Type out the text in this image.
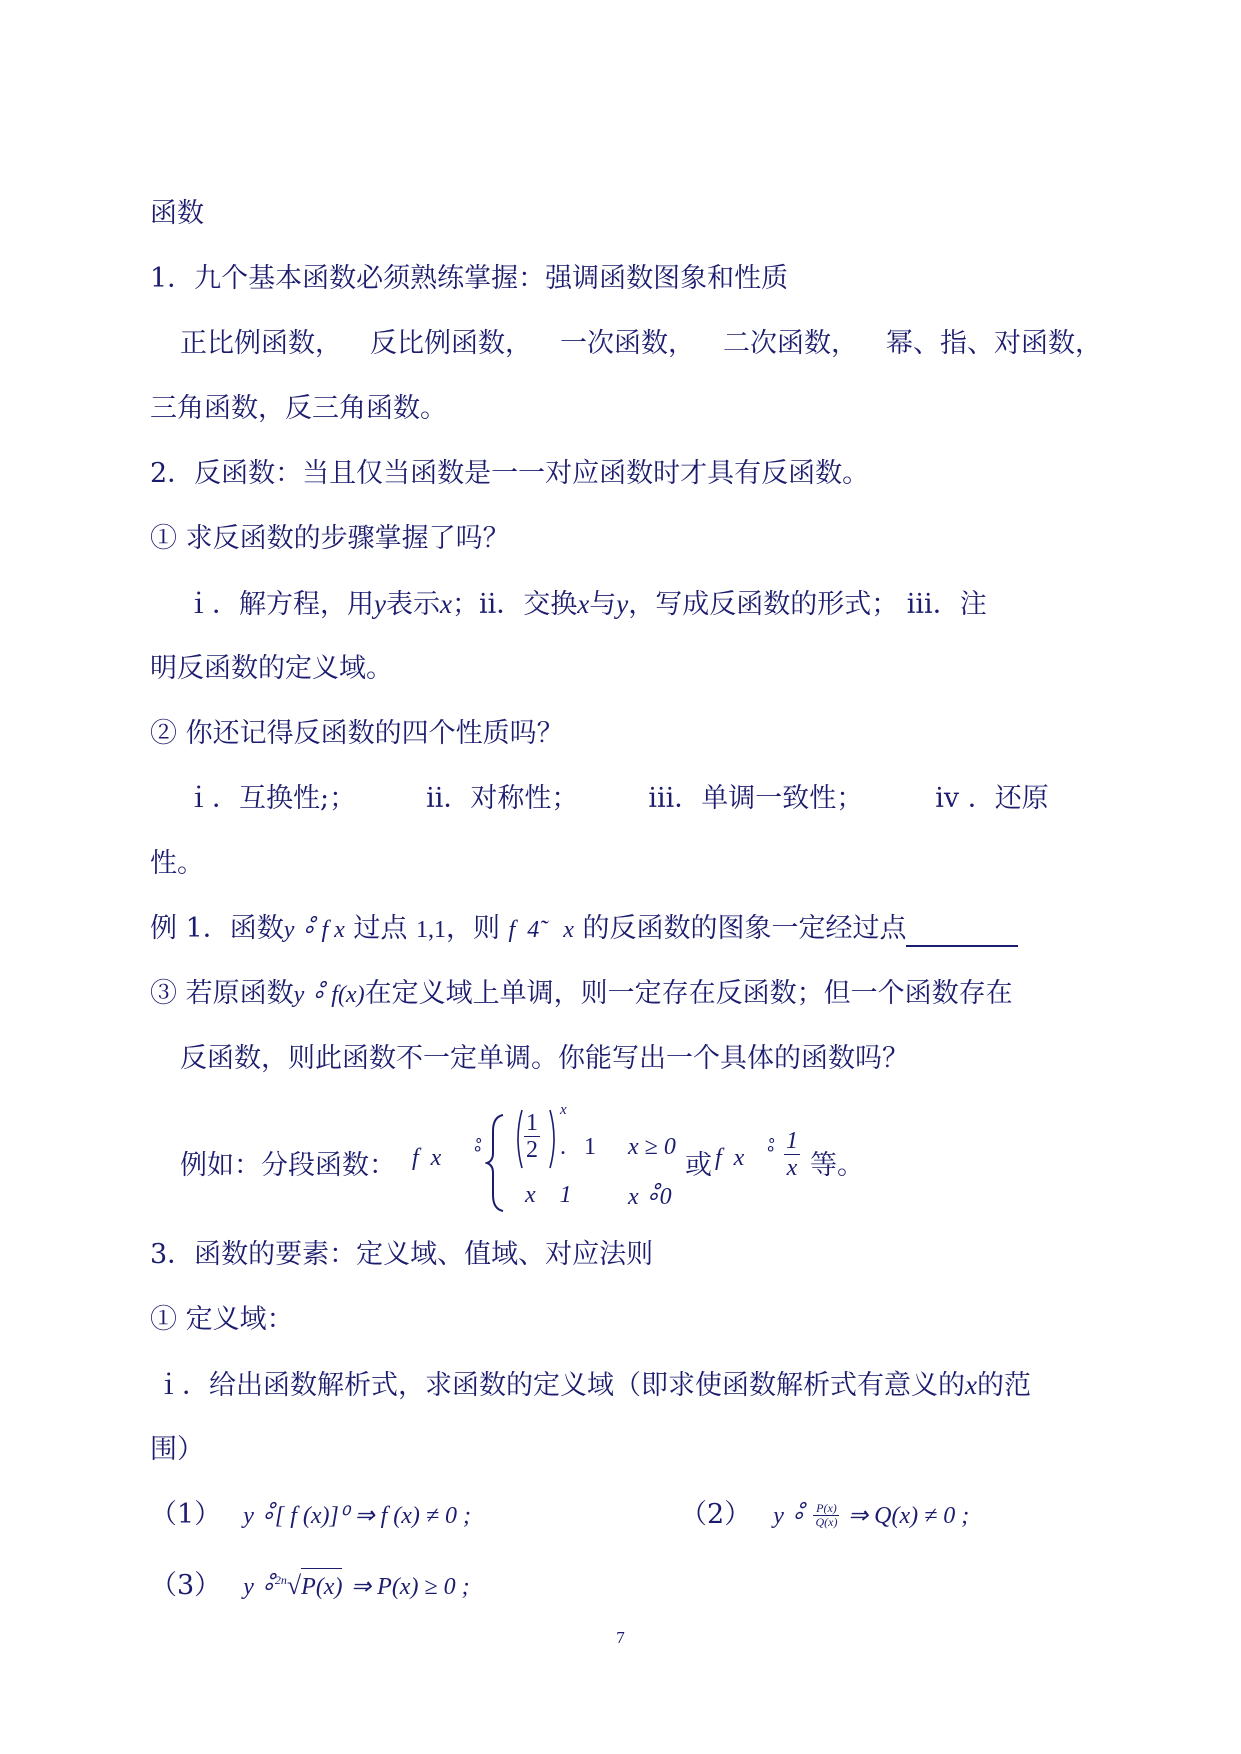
函数
1．九个基本函数必须熟练掌握：强调函数图象和性质
正比例函数， 反比例函数， 一次函数， 二次函数， 幂、指、对函数，
三角函数，反三角函数。
2．反函数：当且仅当函数是一一对应函数时才具有反函数。
① 求反函数的步骤掌握了吗？
ｉ．解方程，用y表示x；ⅱ．交换x与y，写成反函数的形式； ⅲ．注
明反函数的定义域。
② 你还记得反函数的四个性质吗？
ｉ．互换性;；	ⅱ．对称性；	ⅲ．单调一致性；	ⅳ ．还原
性。
例 1．函数y ∘̊ f x 过点 1,1，则 f  4̃    x 的反函数的图象一定经过点
③ 若原函数y ∘̊ f(x)在定义域上单调，则一定存在反函数；但一个函数存在
反函数，则此函数不一定单调。你能写出一个具体的函数吗？
例如：分段函数： f  x ∘̊ $\frac{1}{2}$ x
.   1 x ≥ 0
x    1 x ∘̊0
或 f  x ∘̊ $\frac{1}{x}$ 等。
3．函数的要素：定义域、值域、对应法则
① 定义域：
ｉ．给出函数解析式，求函数的定义域（即求使函数解析式有意义的x的范
围）
（1） y ∘̊[ f (x)]⁰ ⇒ f (x) ≠ 0 ;	（2） y ∘̊ $\frac{P(x)}{Q(x)}$ ⇒ Q(x) ≠ 0 ;
（3） y ∘̊$^{2n}$√P(x) ⇒ P(x) ≥ 0 ;
7
